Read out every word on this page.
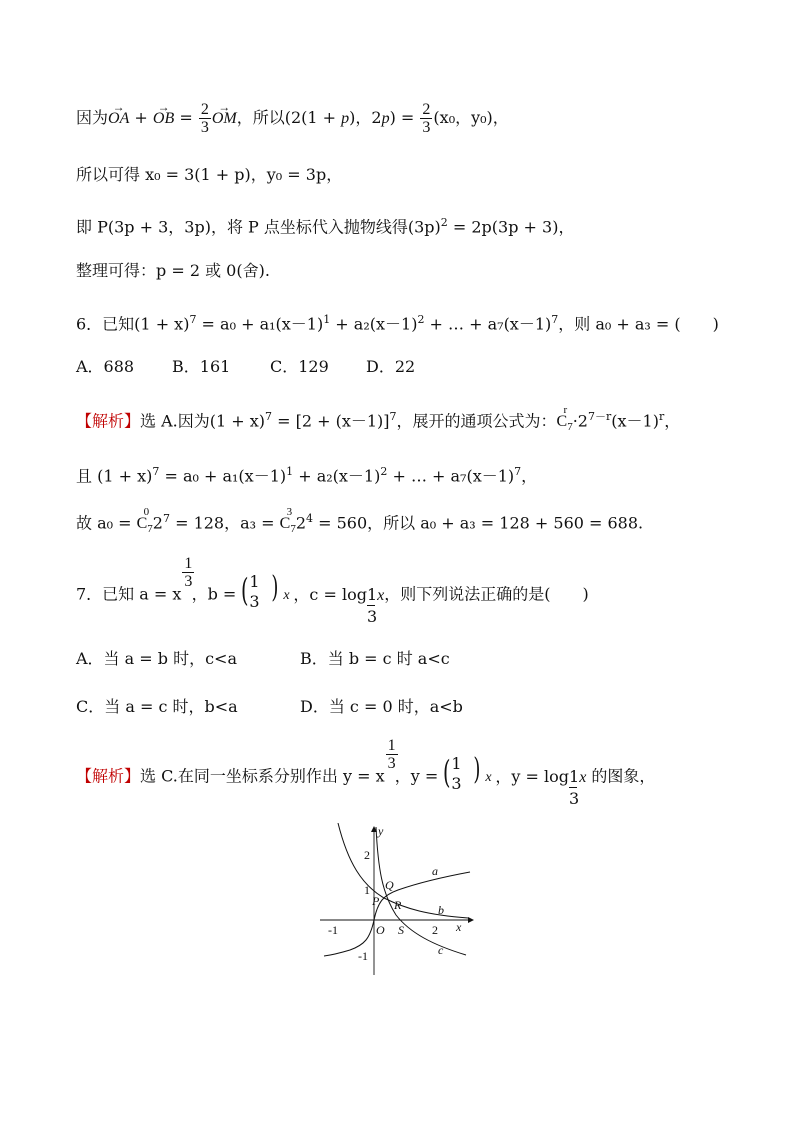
因为→ OA + → OB = $\frac{2}{3}$
→ OM，所以(2(1 + p)，$2p) = \frac{2}{3} (x_0$，y₀)，
所以可得 x₀ = 3(1 + p)，y₀ = 3p，
即 P(3p + 3，3p)，将 P 点坐标代入抛物线得$(3p)^2 = 2p(3p + 3)$，
整理可得：p = 2 或 0(舍).
6．已知$(1 + x)^7 = a_0 + a_1(x-1)^1 + a_2(x-1)^2$ + … + $a_7(x-1)^7$，则 a₀ + a₃ = (　　)
A．688 B．161 C．129 D．22
【解析】选 A.因为$(1 + x)^7 = [2 + (x-1)]^7$，展开的通项公式为：
r
$C_7\cdot 2^{7-r}(x-1)^r$，
且 $(1 + x)^7 = a_0 + a_1(x-1)^1 + a_2(x-1)^2$ + … + $a_7(x-1)^7$，
故 a₀ =
0
$C_72^7 = 128$，a₃ =
3
$C_72^4 = 560$，所以 a₀ + a₃ = 128 + 560 = 688.
7．已知 a = x
$\frac{1}{3}$
，b = ( 1
3 ) x ，c = log1x
3
，则下列说法正确的是(　　)
A．当 a = b 时，c<a	B．当 b = c 时 a<c
C．当 a = c 时，b<a	D．当 c = 0 时，a<b
【解析】选 C.在同一坐标系分别作出 y = x
$\frac{1}{3}$
，y = ( 1
3 ) x ，y = log1x
3
的图象，
y
x
a
b
c
P
Q
R
O S
2
1
-1
-1
2
